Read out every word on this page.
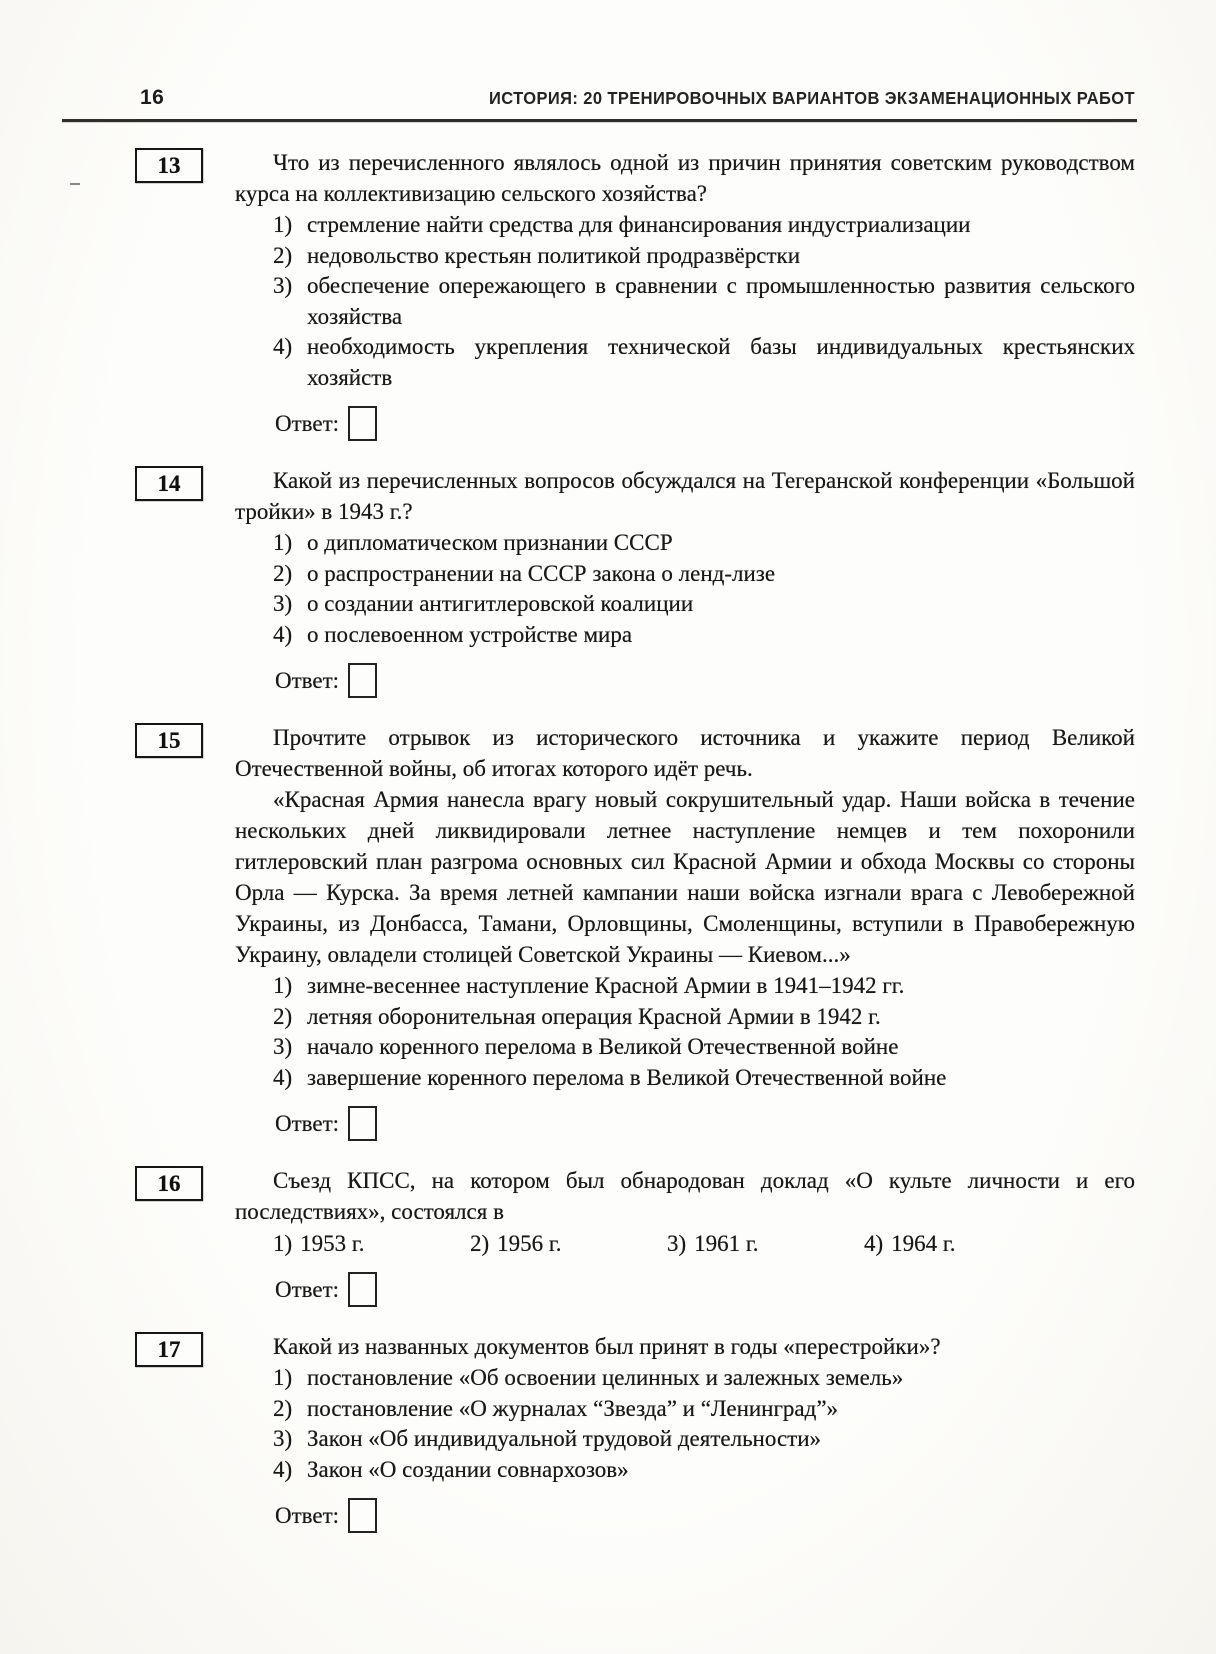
16	ИСТОРИЯ: 20 ТРЕНИРОВОЧНЫХ ВАРИАНТОВ ЭКЗАМЕНАЦИОННЫХ РАБОТ
13	Что из перечисленного являлось одной из причин принятия советским руководством курса на коллективизацию сельского хозяйства?

1) стремление найти средства для финансирования индустриализации
2) недовольство крестьян политикой продразвёрстки
3) обеспечение опережающего в сравнении с промышленностью развития сельского хозяйства
4) необходимость укрепления технической базы индивидуальных крестьянских хозяйств
Ответ:
14	Какой из перечисленных вопросов обсуждался на Тегеранской конференции «Большой тройки» в 1943 г.?

1) о дипломатическом признании СССР
2) о распространении на СССР закона о ленд-лизе
3) о создании антигитлеровской коалиции
4) о послевоенном устройстве мира
Ответ:
15	Прочтите отрывок из исторического источника и укажите период Великой Отечественной войны, об итогах которого идёт речь.

«Красная Армия нанесла врагу новый сокрушительный удар. Наши войска в течение нескольких дней ликвидировали летнее наступление немцев и тем похоронили гитлеровский план разгрома основных сил Красной Армии и обхода Москвы со стороны Орла — Курска. За время летней кампании наши войска изгнали врага с Левобережной Украины, из Донбасса, Тамани, Орловщины, Смоленщины, вступили в Правобережную Украину, овладели столицей Советской Украины — Киевом...»

1) зимне-весеннее наступление Красной Армии в 1941–1942 гг.
2) летняя оборонительная операция Красной Армии в 1942 г.
3) начало коренного перелома в Великой Отечественной войне
4) завершение коренного перелома в Великой Отечественной войне
Ответ:
16	Съезд КПСС, на котором был обнародован доклад «О культе личности и его последствиях», состоялся в

1) 1953 г.	2) 1956 г.	3) 1961 г.	4) 1964 г.
Ответ:
17	Какой из названных документов был принят в годы «перестройки»?

1) постановление «Об освоении целинных и залежных земель»
2) постановление «О журналах “Звезда” и “Ленинград”»
3) Закон «Об индивидуальной трудовой деятельности»
4) Закон «О создании совнархозов»
Ответ:
